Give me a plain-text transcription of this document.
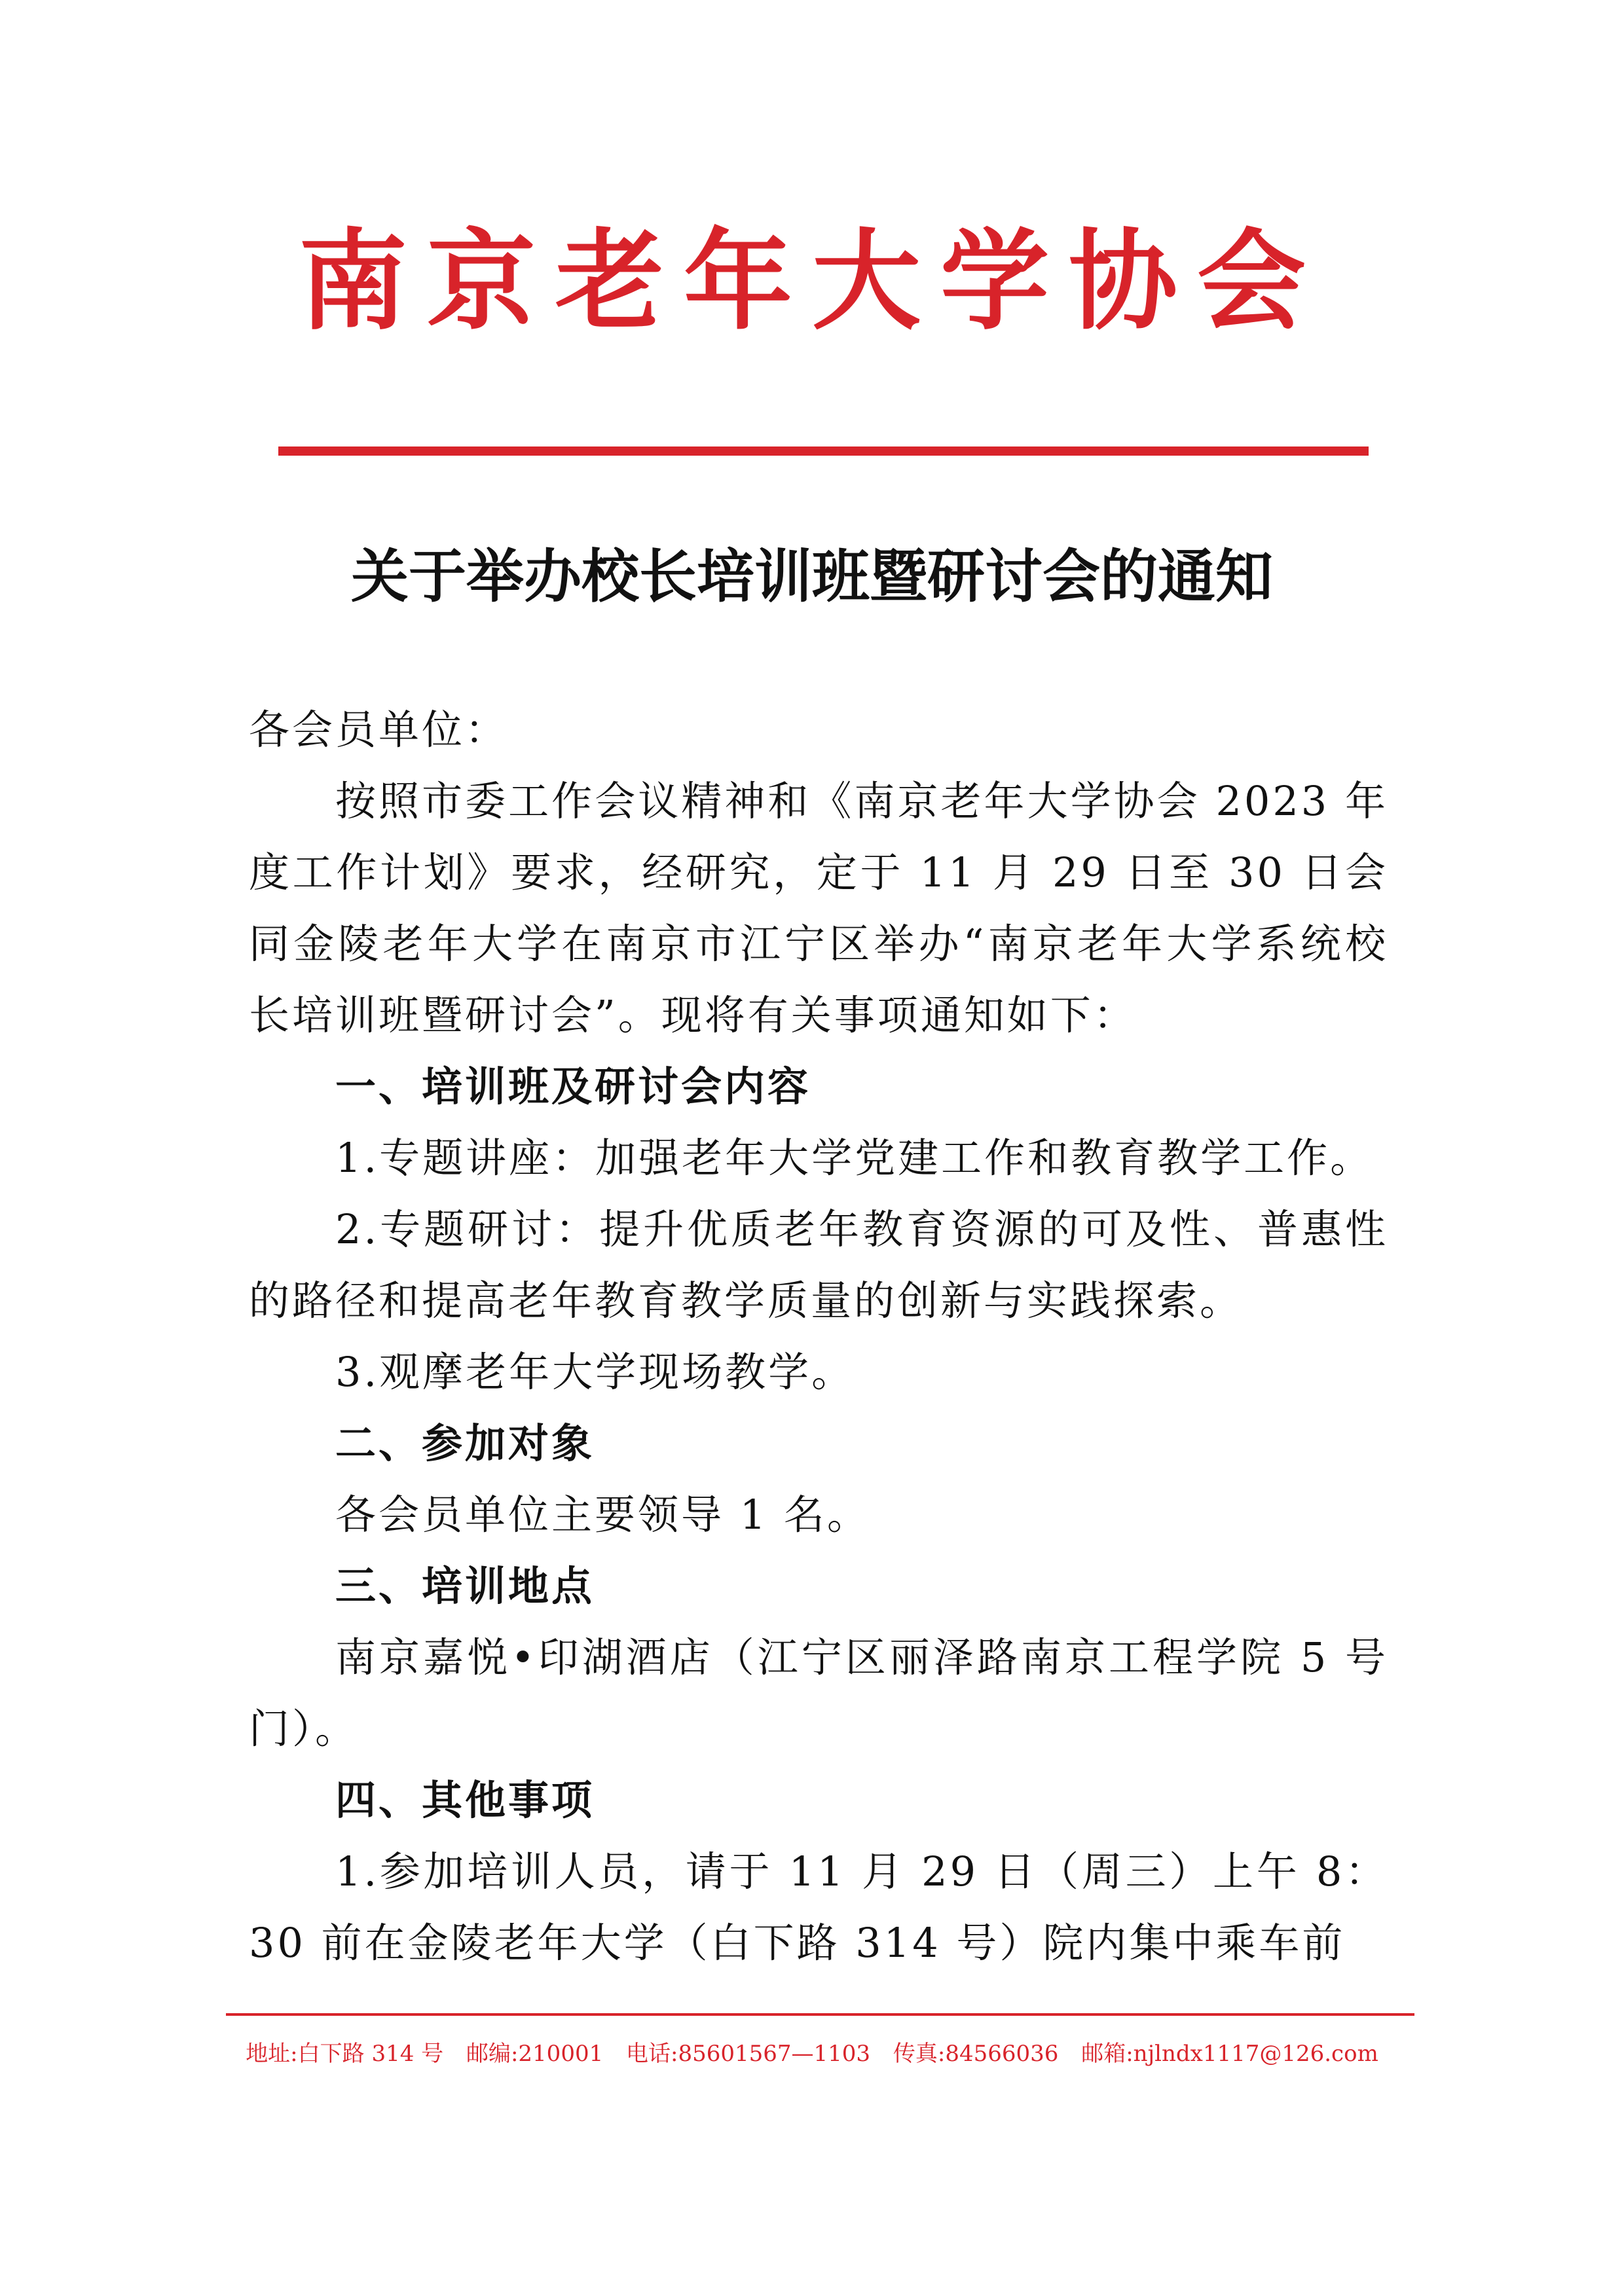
南京老年大学协会
关于举办校长培训班暨研讨会的通知

各会员单位：

按照市委工作会议精神和《南京老年大学协会 2023 年度工作计划》要求，经研究，定于 11 月 29 日至 30 日会同金陵老年大学在南京市江宁区举办“南京老年大学系统校长培训班暨研讨会”。现将有关事项通知如下：

一、培训班及研讨会内容

1.专题讲座：加强老年大学党建工作和教育教学工作。

2.专题研讨：提升优质老年教育资源的可及性、普惠性的路径和提高老年教育教学质量的创新与实践探索。

3.观摩老年大学现场教学。

二、参加对象

各会员单位主要领导 1 名。

三、培训地点

南京嘉悦•印湖酒店（江宁区丽泽路南京工程学院 5 号门）。

四、其他事项

1.参加培训人员，请于 11 月 29 日（周三）上午 8：30 前在金陵老年大学（白下路 314 号）院内集中乘车前

地址:白下路 314 号 邮编:210001 电话:85601567—1103 传真:84566036 邮箱:njlndx1117@126.com
